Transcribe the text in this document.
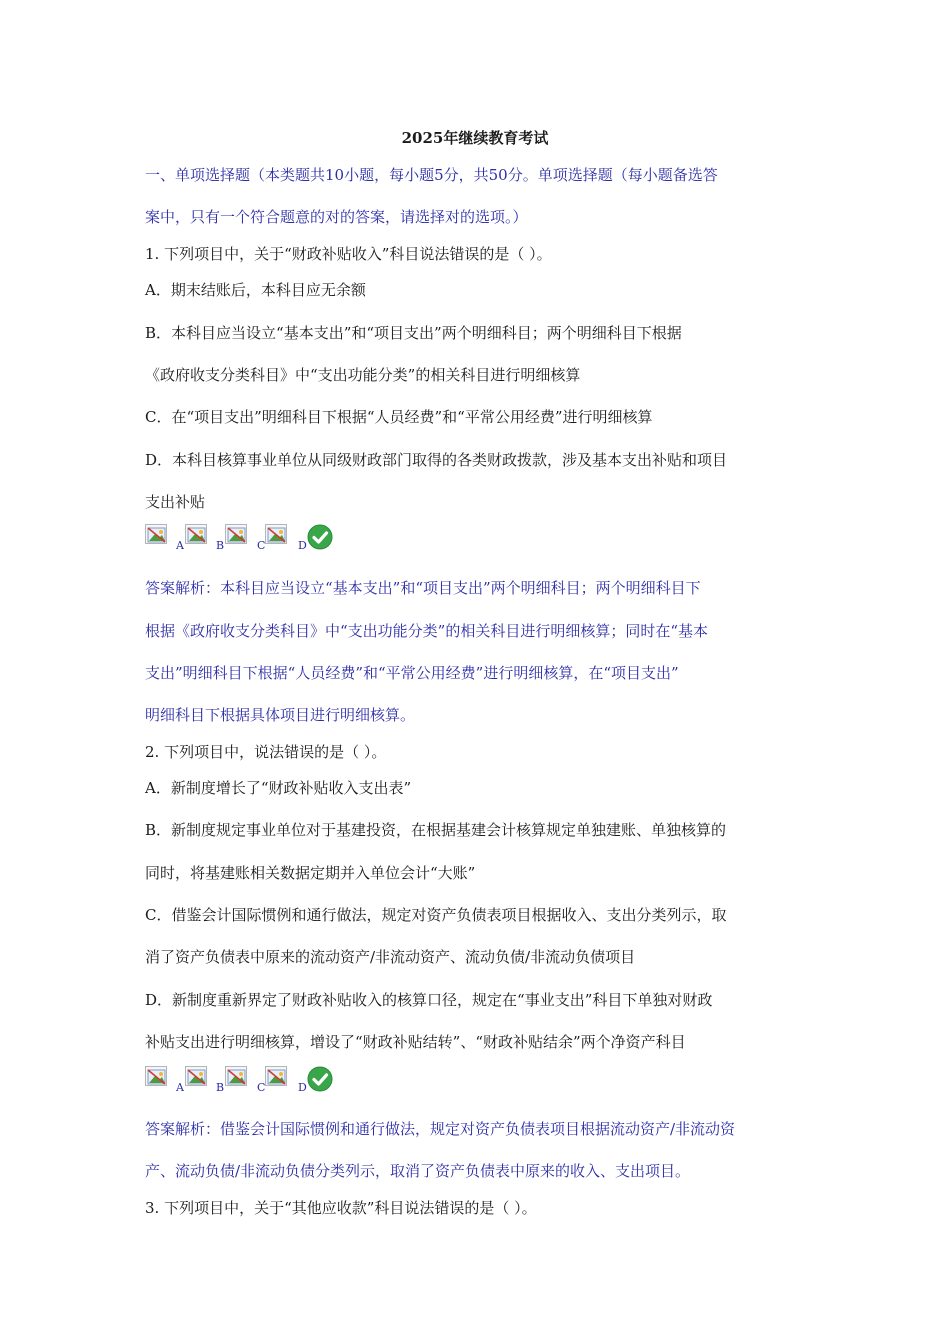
2025年继续教育考试
一、单项选择题（本类题共10小题，每小题5分，共50分。单项选择题（每小题备选答
案中，只有一个符合题意的对的答案，请选择对的选项。）
1. 下列项目中，关于“财政补贴收入”科目说法错误的是（ ）。
A．期末结账后，本科目应无余额
B．本科目应当设立“基本支出”和“项目支出”两个明细科目；两个明细科目下根据
《政府收支分类科目》中“支出功能分类”的相关科目进行明细核算
C．在“项目支出”明细科目下根据“人员经费”和“平常公用经费”进行明细核算
D．本科目核算事业单位从同级财政部门取得的各类财政拨款，涉及基本支出补贴和项目
支出补贴
A	B	C	D
答案解析：本科目应当设立“基本支出”和“项目支出”两个明细科目；两个明细科目下
根据《政府收支分类科目》中“支出功能分类”的相关科目进行明细核算；同时在“基本
支出”明细科目下根据“人员经费”和“平常公用经费”进行明细核算，在“项目支出”
明细科目下根据具体项目进行明细核算。
2. 下列项目中，说法错误的是（ ）。
A．新制度增长了“财政补贴收入支出表”
B．新制度规定事业单位对于基建投资，在根据基建会计核算规定单独建账、单独核算的
同时，将基建账相关数据定期并入单位会计“大账”
C．借鉴会计国际惯例和通行做法，规定对资产负债表项目根据收入、支出分类列示，取
消了资产负债表中原来的流动资产/非流动资产、流动负债/非流动负债项目
D．新制度重新界定了财政补贴收入的核算口径，规定在“事业支出”科目下单独对财政
补贴支出进行明细核算，增设了“财政补贴结转”、“财政补贴结余”两个净资产科目
A	B	C	D
答案解析：借鉴会计国际惯例和通行做法，规定对资产负债表项目根据流动资产/非流动资
产、流动负债/非流动负债分类列示，取消了资产负债表中原来的收入、支出项目。
3. 下列项目中，关于“其他应收款”科目说法错误的是（ ）。
